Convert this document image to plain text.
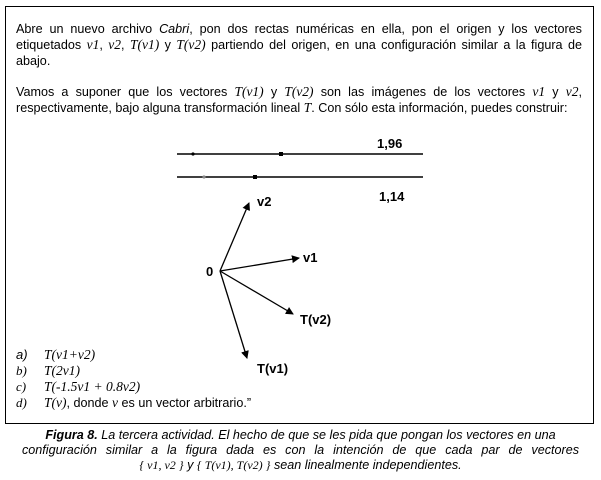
Abre un nuevo archivo Cabri, pon dos rectas numéricas en ella, pon el origen y los vectores etiquetados v1, v2, T(v1) y T(v2) partiendo del origen, en una configuración similar a la figura de abajo.
Vamos a suponer que los vectores T(v1) y T(v2) son las imágenes de los vectores v1 y v2, respectivamente, bajo alguna transformación lineal T. Con sólo esta información, puedes construir:
1,96
1,14
0
v2
v1
T(v2)
T(v1)
a)	T(v1+v2)
b)	T(2v1)
c)	T(-1.5v1 + 0.8v2)
d)	T(v), donde v es un vector arbitrario.”
Figura 8. La tercera actividad. El hecho de que se les pida que pongan los vectores en una
configuración similar a la figura dada es con la intención de que cada par de vectores
{ v1, v2 } y { T(v1), T(v2) } sean linealmente independientes.
